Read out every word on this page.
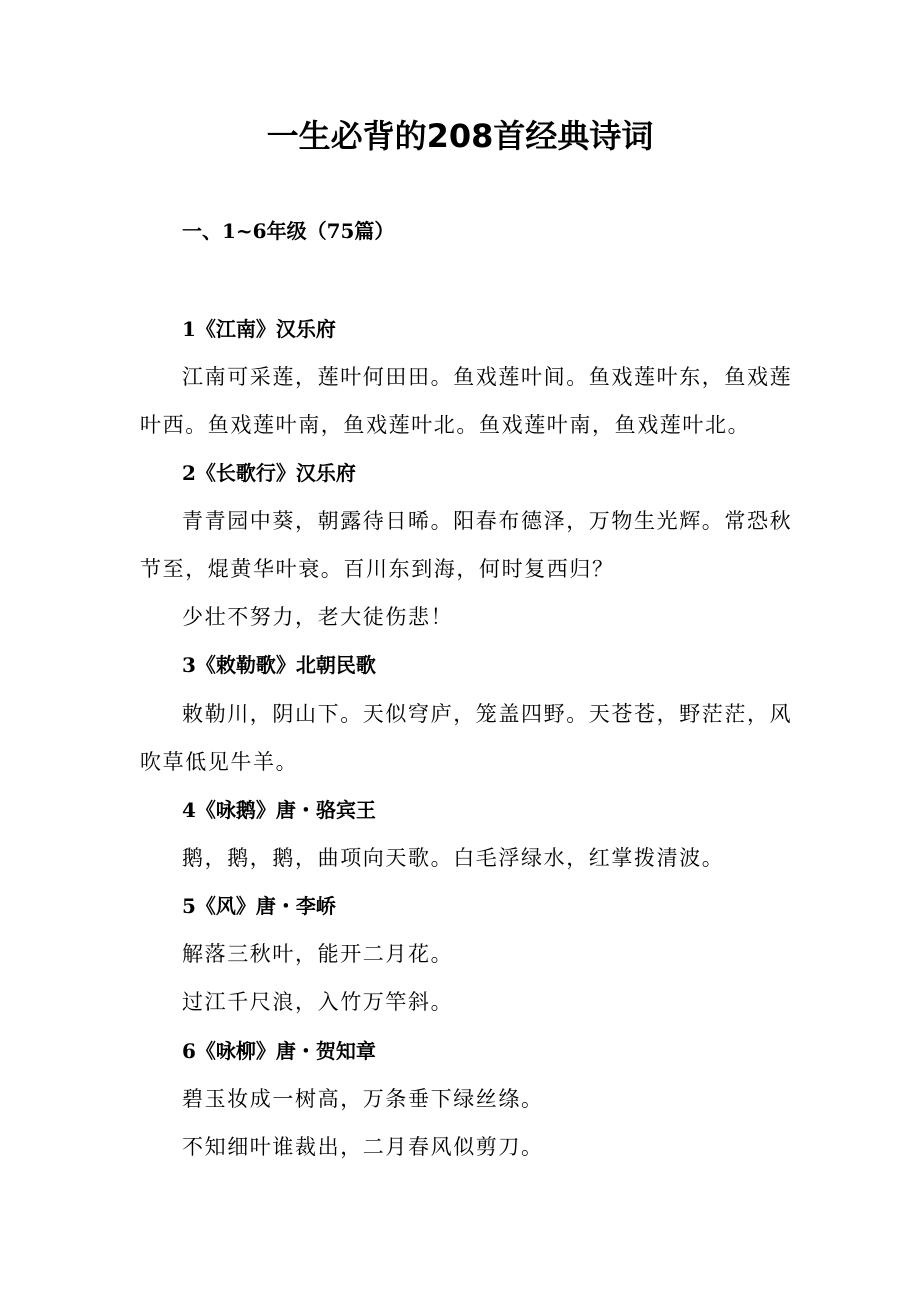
一生必背的208首经典诗词
一、1~6年级（75篇）
1《江南》汉乐府
江南可采莲，莲叶何田田。鱼戏莲叶间。鱼戏莲叶东，鱼戏莲
叶西。鱼戏莲叶南，鱼戏莲叶北。鱼戏莲叶南，鱼戏莲叶北。
2《长歌行》汉乐府
青青园中葵，朝露待日晞。阳春布德泽，万物生光辉。常恐秋
节至，焜黄华叶衰。百川东到海，何时复西归？
少壮不努力，老大徒伤悲！
3《敕勒歌》北朝民歌
敕勒川，阴山下。天似穹庐，笼盖四野。天苍苍，野茫茫，风
吹草低见牛羊。
4《咏鹅》唐・骆宾王
鹅，鹅，鹅，曲项向天歌。白毛浮绿水，红掌拨清波。
5《风》唐・李峤
解落三秋叶，能开二月花。
过江千尺浪，入竹万竿斜。
6《咏柳》唐・贺知章
碧玉妆成一树高，万条垂下绿丝绦。
不知细叶谁裁出，二月春风似剪刀。
